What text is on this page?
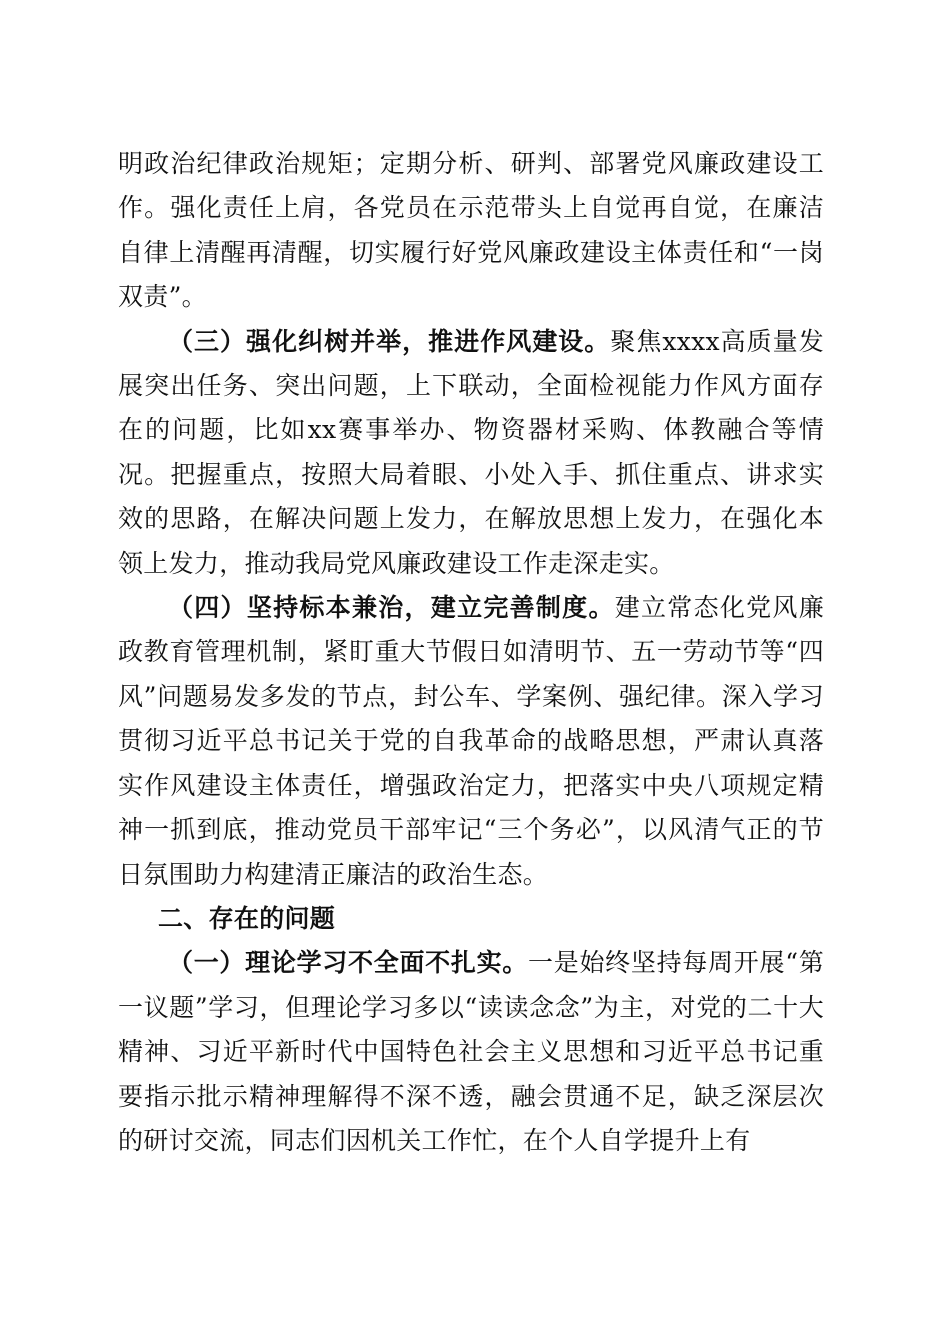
明政治纪律政治规矩；定期分析、研判、部署党风廉政建设工作。强化责任上肩，各党员在示范带头上自觉再自觉，在廉洁自律上清醒再清醒，切实履行好党风廉政建设主体责任和“一岗双责”。

（三）强化纠树并举，推进作风建设。聚焦xxxx高质量发展突出任务、突出问题，上下联动，全面检视能力作风方面存在的问题，比如xx赛事举办、物资器材采购、体教融合等情况。把握重点，按照大局着眼、小处入手、抓住重点、讲求实效的思路，在解决问题上发力，在解放思想上发力，在强化本领上发力，推动我局党风廉政建设工作走深走实。

（四）坚持标本兼治，建立完善制度。建立常态化党风廉政教育管理机制，紧盯重大节假日如清明节、五一劳动节等“四风”问题易发多发的节点，封公车、学案例、强纪律。深入学习贯彻习近平总书记关于党的自我革命的战略思想，严肃认真落实作风建设主体责任，增强政治定力，把落实中央八项规定精神一抓到底，推动党员干部牢记“三个务必”，以风清气正的节日氛围助力构建清正廉洁的政治生态。

二、存在的问题

（一）理论学习不全面不扎实。一是始终坚持每周开展“第一议题”学习，但理论学习多以“读读念念”为主，对党的二十大精神、习近平新时代中国特色社会主义思想和习近平总书记重要指示批示精神理解得不深不透，融会贯通不足，缺乏深层次的研讨交流，同志们因机关工作忙，在个人自学提升上有
